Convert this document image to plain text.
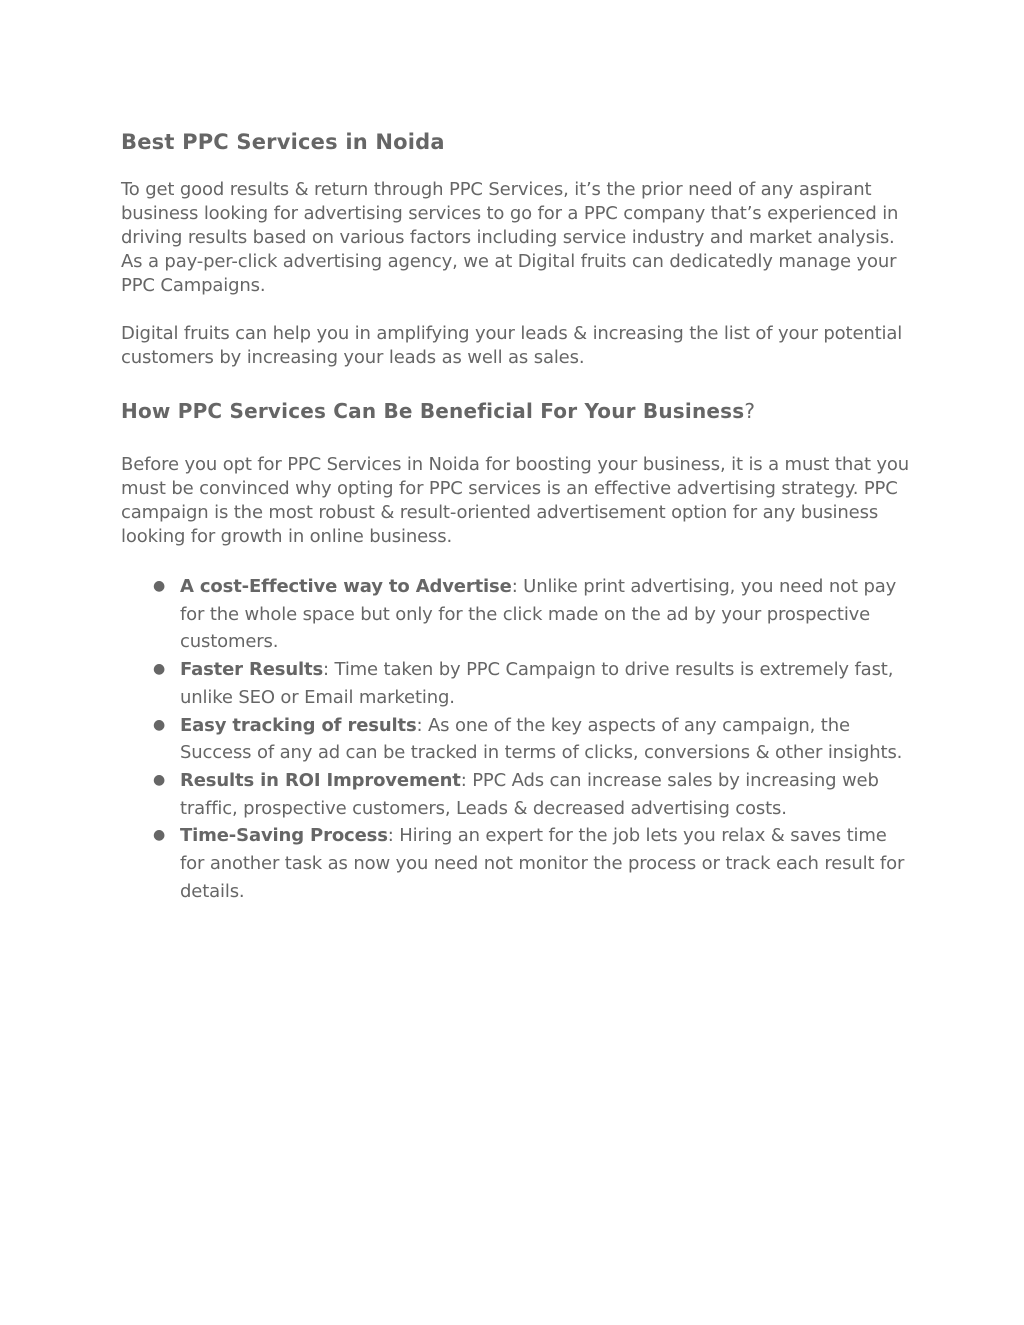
Best PPC Services in Noida

To get good results & return through PPC Services, it’s the prior need of any aspirant business looking for advertising services to go for a PPC company that’s experienced in driving results based on various factors including service industry and market analysis. As a pay-per-click advertising agency, we at Digital fruits can dedicatedly manage your PPC Campaigns.

Digital fruits can help you in amplifying your leads & increasing the list of your potential customers by increasing your leads as well as sales.

How PPC Services Can Be Beneficial For Your Business?

Before you opt for PPC Services in Noida for boosting your business, it is a must that you must be convinced why opting for PPC services is an effective advertising strategy. PPC campaign is the most robust & result-oriented advertisement option for any business looking for growth in online business.

● A cost-Effective way to Advertise: Unlike print advertising, you need not pay for the whole space but only for the click made on the ad by your prospective customers.
● Faster Results: Time taken by PPC Campaign to drive results is extremely fast, unlike SEO or Email marketing.
● Easy tracking of results: As one of the key aspects of any campaign, the Success of any ad can be tracked in terms of clicks, conversions & other insights.
● Results in ROI Improvement: PPC Ads can increase sales by increasing web traffic, prospective customers, Leads & decreased advertising costs.
● Time-Saving Process: Hiring an expert for the job lets you relax & saves time for another task as now you need not monitor the process or track each result for details.
